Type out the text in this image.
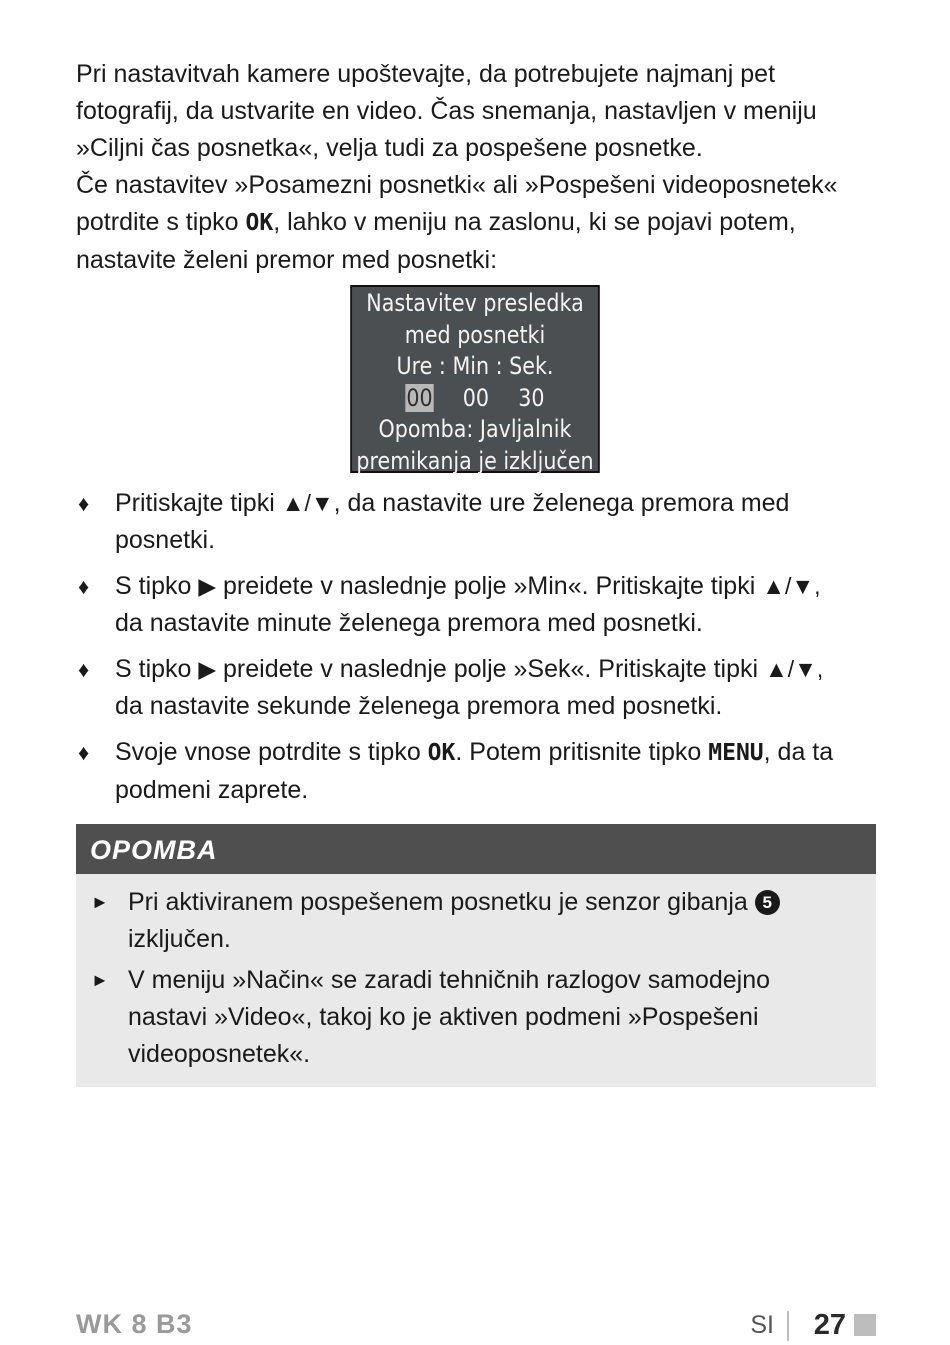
Pri nastavitvah kamere upoštevajte, da potrebujete najmanj pet
fotografij, da ustvarite en video. Čas snemanja, nastavljen v meniju
»Ciljni čas posnetka«, velja tudi za pospešene posnetke.
Če nastavitev »Posamezni posnetki« ali »Pospešeni videoposnetek«
potrdite s tipko OK, lahko v meniju na zaslonu, ki se pojavi potem,
nastavite želeni premor med posnetki:

Nastavitev presledka
med posnetki
Ure : Min : Sek.
00 00 30
Opomba: Javljalnik
premikanja je izključen
♦ Pritiskajte tipki ▲/▼, da nastavite ure želenega premora med
posnetki.
♦ S tipko ▶ preidete v naslednje polje »Min«. Pritiskajte tipki ▲/▼,
da nastavite minute želenega premora med posnetki.
♦ S tipko ▶ preidete v naslednje polje »Sek«. Pritiskajte tipki ▲/▼,
da nastavite sekunde želenega premora med posnetki.
♦ Svoje vnose potrdite s tipko OK. Potem pritisnite tipko MENU, da ta
podmeni zaprete.
OPOMBA
► Pri aktiviranem pospešenem posnetku je senzor gibanja 5
izključen.
► V meniju »Način« se zaradi tehničnih razlogov samodejno
nastavi »Video«, takoj ko je aktiven podmeni »Pospešeni
videoposnetek«.
WK 8 B3	SI 27
